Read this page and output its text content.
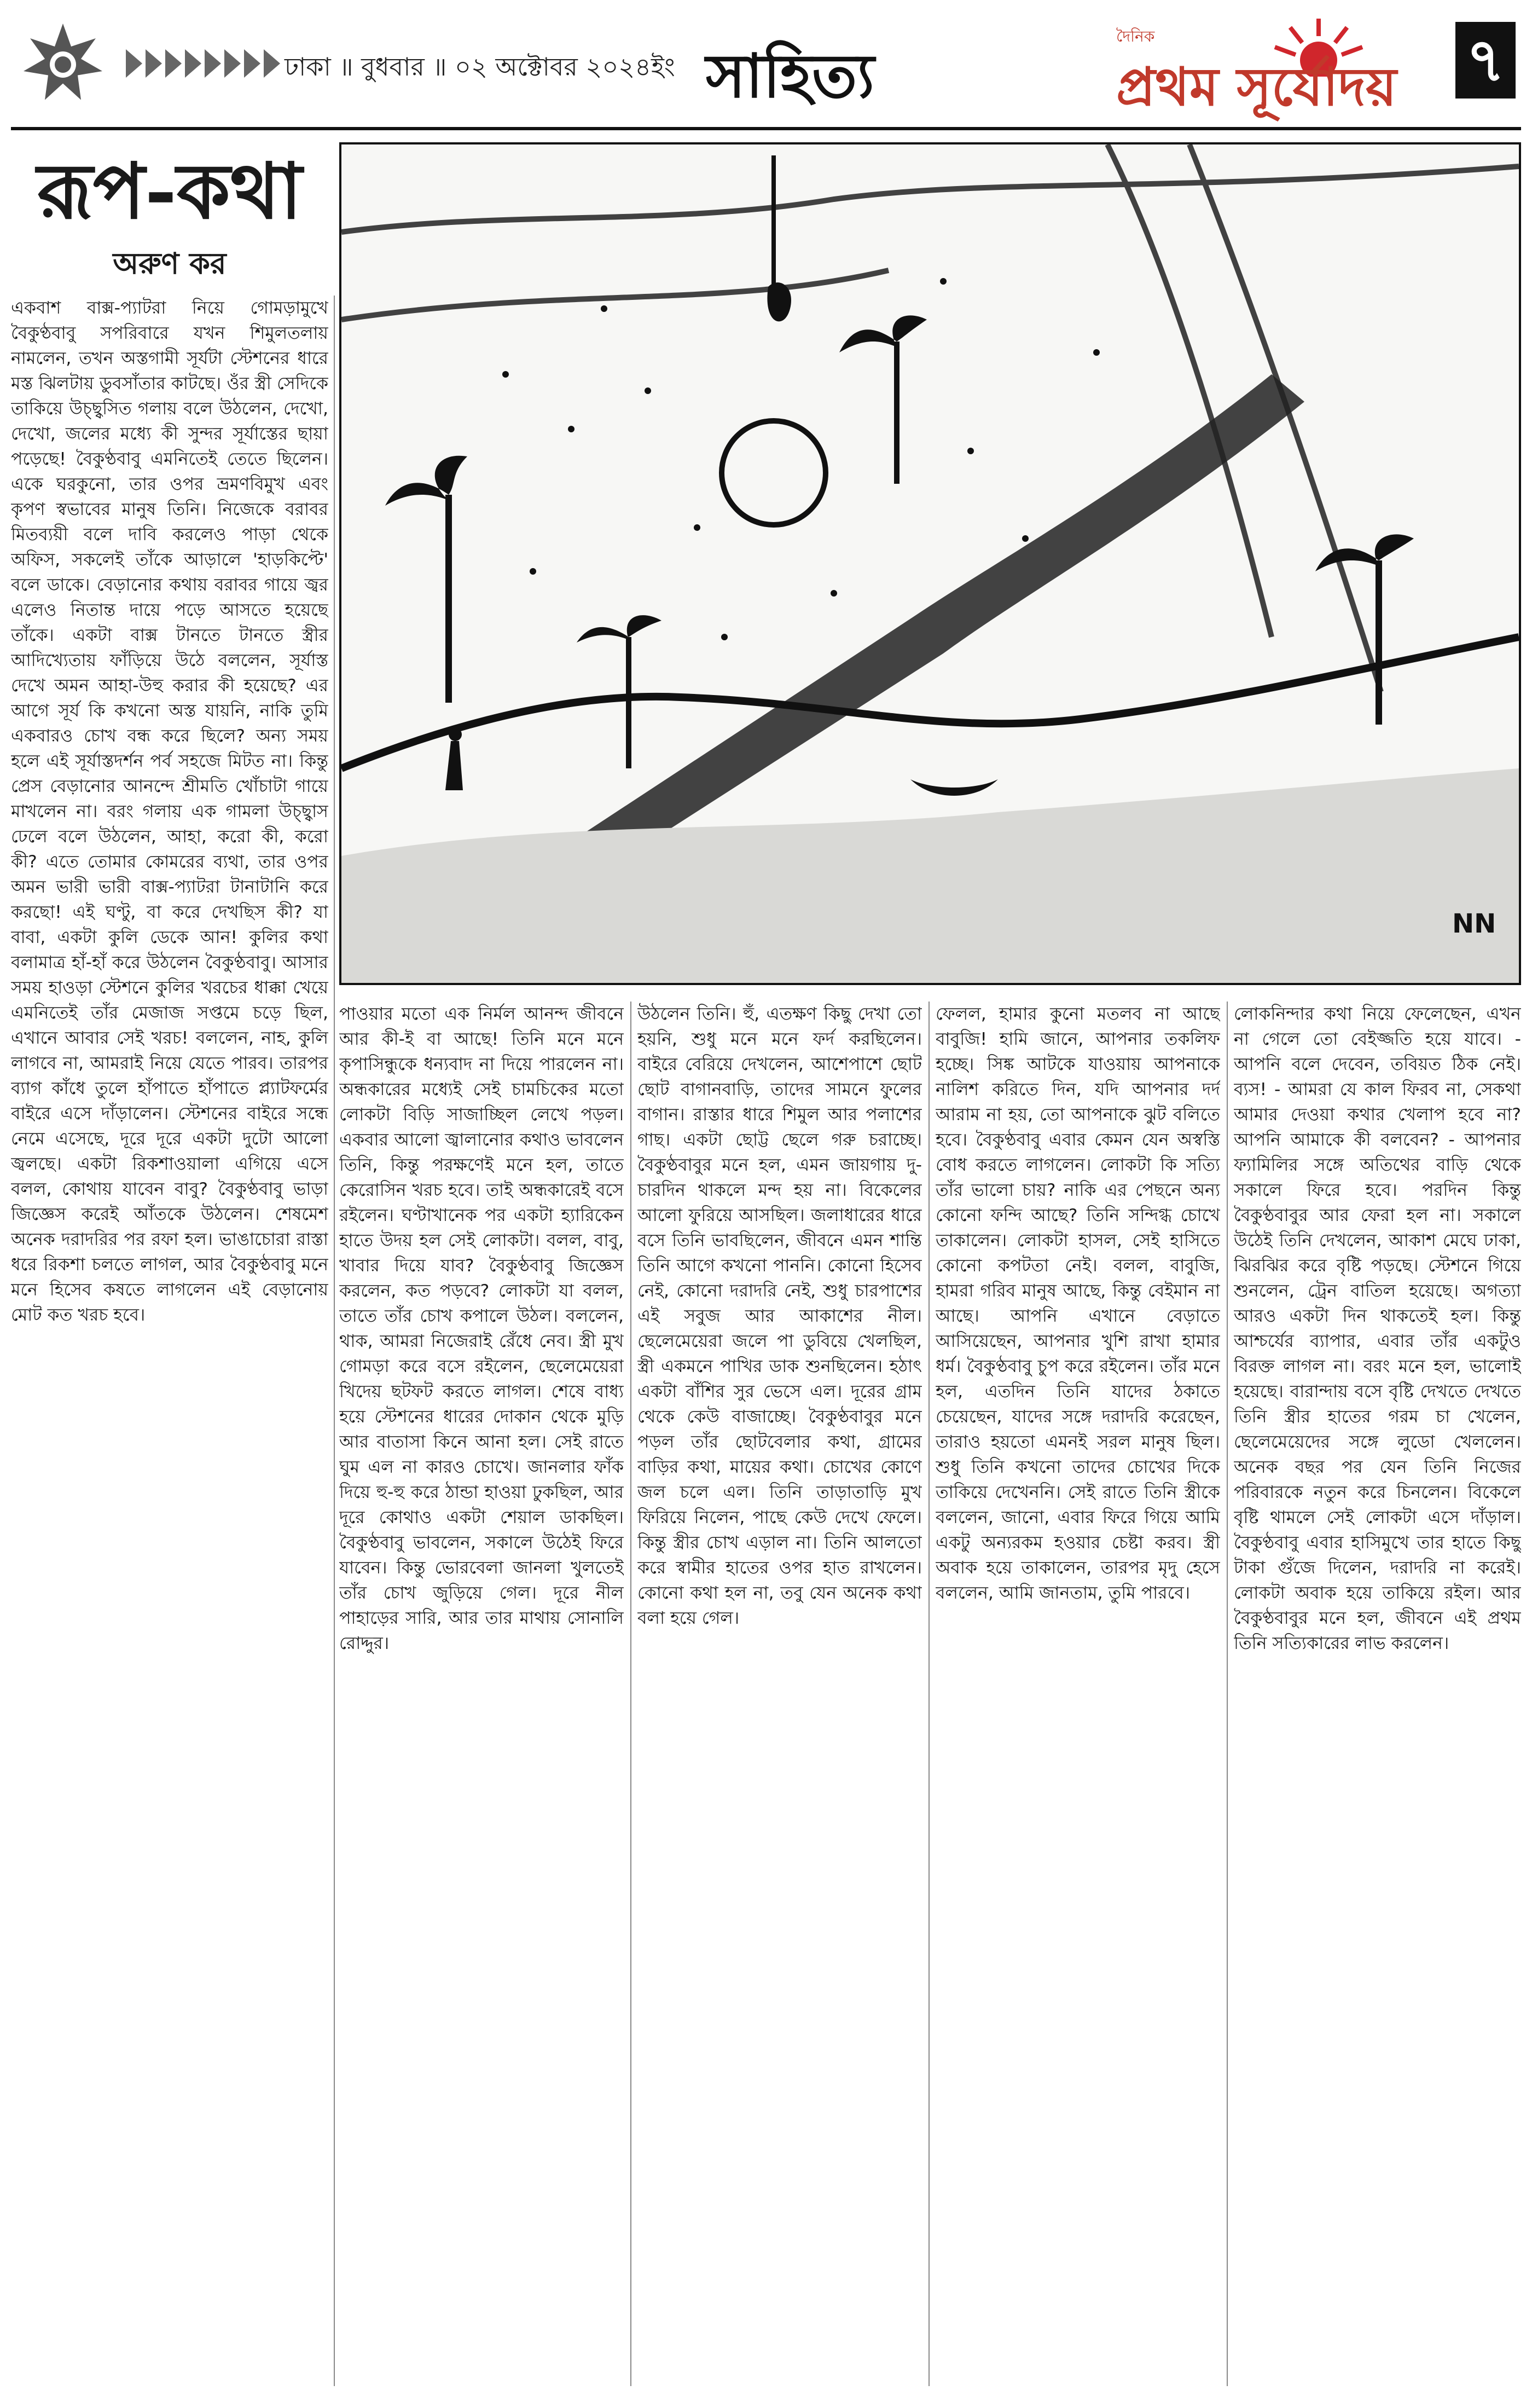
ঢাকা ॥ বুধবার ॥ ০২ অক্টোবর ২০২৪ইং সাহিত্য
দৈনিক
প্রথম সূর্যোদয় ৭
রূপ-কথা
অরুণ কর
NN

একবাশ বাক্স-প্যাটরা নিয়ে গোমড়ামুখে বৈকুণ্ঠবাবু সপরিবারে যখন শিমুলতলায় নামলেন, তখন অস্তগামী সূর্যটা স্টেশনের ধারে মস্ত ঝিলটায় ডুবসাঁতার কাটছে। ওঁর স্ত্রী সেদিকে তাকিয়ে উচ্ছ্বসিত গলায় বলে উঠলেন, দেখো, দেখো, জলের মধ্যে কী সুন্দর সূর্যাস্তের ছায়া পড়েছে! বৈকুণ্ঠবাবু এমনিতেই তেতে ছিলেন। একে ঘরকুনো, তার ওপর ভ্রমণবিমুখ এবং কৃপণ স্বভাবের মানুষ তিনি। নিজেকে বরাবর মিতব্যয়ী বলে দাবি করলেও পাড়া থেকে অফিস, সকলেই তাঁকে আড়ালে 'হাড়কিপ্টে' বলে ডাকে। বেড়ানোর কথায় বরাবর গায়ে জ্বর এলেও নিতান্ত দায়ে পড়ে আসতে হয়েছে তাঁকে। একটা বাক্স টানতে টানতে স্ত্রীর আদিখ্যেতায় ফাঁড়িয়ে উঠে বললেন, সূর্যাস্ত দেখে অমন আহা-উহু করার কী হয়েছে? এর আগে সূর্য কি কখনো অস্ত যায়নি, নাকি তুমি একবারও চোখ বন্ধ করে ছিলে? অন্য সময় হলে এই সূর্যাস্তদর্শন পর্ব সহজে মিটত না। কিন্তু প্রেস বেড়ানোর আনন্দে শ্রীমতি খোঁচাটা গায়ে মাখলেন না। বরং গলায় এক গামলা উচ্ছ্বাস ঢেলে বলে উঠলেন, আহা, করো কী, করো কী? এতে তোমার কোমরের ব্যথা, তার ওপর অমন ভারী ভারী বাক্স-প্যাটরা টানাটানি করে করছো! এই ঘণ্টু, বা করে দেখছিস কী? যা বাবা, একটা কুলি ডেকে আন! কুলির কথা বলামাত্র হাঁ-হাঁ করে উঠলেন বৈকুণ্ঠবাবু। আসার সময় হাওড়া স্টেশনে কুলির খরচের ধাক্কা খেয়ে এমনিতেই তাঁর মেজাজ সপ্তমে চড়ে ছিল, এখানে আবার সেই খরচ! বললেন, নাহ, কুলি লাগবে না, আমরাই নিয়ে যেতে পারব। তারপর ব্যাগ কাঁধে তুলে হাঁপাতে হাঁপাতে প্ল্যাটফর্মের বাইরে এসে দাঁড়ালেন। স্টেশনের বাইরে সন্ধে নেমে এসেছে, দূরে দূরে একটা দুটো আলো জ্বলছে। একটা রিকশাওয়ালা এগিয়ে এসে বলল, কোথায় যাবেন বাবু? বৈকুণ্ঠবাবু ভাড়া জিজ্ঞেস করেই আঁতকে উঠলেন। শেষমেশ অনেক দরাদরির পর রফা হল। ভাঙাচোরা রাস্তা ধরে রিকশা চলতে লাগল, আর বৈকুণ্ঠবাবু মনে মনে হিসেব কষতে লাগলেন এই বেড়ানোয় মোট কত খরচ হবে।

পাওয়ার মতো এক নির্মল আনন্দ জীবনে আর কী-ই বা আছে! তিনি মনে মনে কৃপাসিন্ধুকে ধন্যবাদ না দিয়ে পারলেন না। অন্ধকারের মধ্যেই সেই চামচিকের মতো লোকটা বিড়ি সাজাচ্ছিল লেখে পড়ল। একবার আলো জ্বালানোর কথাও ভাবলেন তিনি, কিন্তু পরক্ষণেই মনে হল, তাতে কেরোসিন খরচ হবে। তাই অন্ধকারেই বসে রইলেন। ঘণ্টাখানেক পর একটা হ্যারিকেন হাতে উদয় হল সেই লোকটা। বলল, বাবু, খাবার দিয়ে যাব? বৈকুণ্ঠবাবু জিজ্ঞেস করলেন, কত পড়বে? লোকটা যা বলল, তাতে তাঁর চোখ কপালে উঠল। বললেন, থাক, আমরা নিজেরাই রেঁধে নেব। স্ত্রী মুখ গোমড়া করে বসে রইলেন, ছেলেমেয়েরা খিদেয় ছটফট করতে লাগল। শেষে বাধ্য হয়ে স্টেশনের ধারের দোকান থেকে মুড়ি আর বাতাসা কিনে আনা হল। সেই রাতে ঘুম এল না কারও চোখে। জানলার ফাঁক দিয়ে হু-হু করে ঠান্ডা হাওয়া ঢুকছিল, আর দূরে কোথাও একটা শেয়াল ডাকছিল। বৈকুণ্ঠবাবু ভাবলেন, সকালে উঠেই ফিরে যাবেন। কিন্তু ভোরবেলা জানলা খুলতেই তাঁর চোখ জুড়িয়ে গেল। দূরে নীল পাহাড়ের সারি, আর তার মাথায় সোনালি রোদ্দুর।

উঠলেন তিনি। হুঁ, এতক্ষণ কিছু দেখা তো হয়নি, শুধু মনে মনে ফর্দ করছিলেন। বাইরে বেরিয়ে দেখলেন, আশেপাশে ছোট ছোট বাগানবাড়ি, তাদের সামনে ফুলের বাগান। রাস্তার ধারে শিমুল আর পলাশের গাছ। একটা ছোট্ট ছেলে গরু চরাচ্ছে। বৈকুণ্ঠবাবুর মনে হল, এমন জায়গায় দু-চারদিন থাকলে মন্দ হয় না। বিকেলের আলো ফুরিয়ে আসছিল। জলাধারের ধারে বসে তিনি ভাবছিলেন, জীবনে এমন শান্তি তিনি আগে কখনো পাননি। কোনো হিসেব নেই, কোনো দরাদরি নেই, শুধু চারপাশের এই সবুজ আর আকাশের নীল। ছেলেমেয়েরা জলে পা ডুবিয়ে খেলছিল, স্ত্রী একমনে পাখির ডাক শুনছিলেন। হঠাৎ একটা বাঁশির সুর ভেসে এল। দূরের গ্রাম থেকে কেউ বাজাচ্ছে। বৈকুণ্ঠবাবুর মনে পড়ল তাঁর ছোটবেলার কথা, গ্রামের বাড়ির কথা, মায়ের কথা। চোখের কোণে জল চলে এল। তিনি তাড়াতাড়ি মুখ ফিরিয়ে নিলেন, পাছে কেউ দেখে ফেলে। কিন্তু স্ত্রীর চোখ এড়াল না। তিনি আলতো করে স্বামীর হাতের ওপর হাত রাখলেন। কোনো কথা হল না, তবু যেন অনেক কথা বলা হয়ে গেল।

ফেলল, হামার কুনো মতলব না আছে বাবুজি! হামি জানে, আপনার তকলিফ হচ্ছে। সিঙ্ক আটকে যাওয়ায় আপনাকে নালিশ করিতে দিন, যদি আপনার দর্দ আরাম না হয়, তো আপনাকে ঝুট বলিতে হবে। বৈকুণ্ঠবাবু এবার কেমন যেন অস্বস্তি বোধ করতে লাগলেন। লোকটা কি সত্যি তাঁর ভালো চায়? নাকি এর পেছনে অন্য কোনো ফন্দি আছে? তিনি সন্দিগ্ধ চোখে তাকালেন। লোকটা হাসল, সেই হাসিতে কোনো কপটতা নেই। বলল, বাবুজি, হামরা গরিব মানুষ আছে, কিন্তু বেইমান না আছে। আপনি এখানে বেড়াতে আসিয়েছেন, আপনার খুশি রাখা হামার ধর্ম। বৈকুণ্ঠবাবু চুপ করে রইলেন। তাঁর মনে হল, এতদিন তিনি যাদের ঠকাতে চেয়েছেন, যাদের সঙ্গে দরাদরি করেছেন, তারাও হয়তো এমনই সরল মানুষ ছিল। শুধু তিনি কখনো তাদের চোখের দিকে তাকিয়ে দেখেননি। সেই রাতে তিনি স্ত্রীকে বললেন, জানো, এবার ফিরে গিয়ে আমি একটু অন্যরকম হওয়ার চেষ্টা করব। স্ত্রী অবাক হয়ে তাকালেন, তারপর মৃদু হেসে বললেন, আমি জানতাম, তুমি পারবে।

লোকনিন্দার কথা নিয়ে ফেলেছেন, এখন না গেলে তো বেইজ্জতি হয়ে যাবে। - আপনি বলে দেবেন, তবিয়ত ঠিক নেই। ব্যস! - আমরা যে কাল ফিরব না, সেকথা আমার দেওয়া কথার খেলাপ হবে না? আপনি আমাকে কী বলবেন? - আপনার ফ্যামিলির সঙ্গে অতিথের বাড়ি থেকে সকালে ফিরে হবে। পরদিন কিন্তু বৈকুণ্ঠবাবুর আর ফেরা হল না। সকালে উঠেই তিনি দেখলেন, আকাশ মেঘে ঢাকা, ঝিরঝির করে বৃষ্টি পড়ছে। স্টেশনে গিয়ে শুনলেন, ট্রেন বাতিল হয়েছে। অগত্যা আরও একটা দিন থাকতেই হল। কিন্তু আশ্চর্যের ব্যাপার, এবার তাঁর একটুও বিরক্ত লাগল না। বরং মনে হল, ভালোই হয়েছে। বারান্দায় বসে বৃষ্টি দেখতে দেখতে তিনি স্ত্রীর হাতের গরম চা খেলেন, ছেলেমেয়েদের সঙ্গে লুডো খেললেন। অনেক বছর পর যেন তিনি নিজের পরিবারকে নতুন করে চিনলেন। বিকেলে বৃষ্টি থামলে সেই লোকটা এসে দাঁড়াল। বৈকুণ্ঠবাবু এবার হাসিমুখে তার হাতে কিছু টাকা গুঁজে দিলেন, দরাদরি না করেই। লোকটা অবাক হয়ে তাকিয়ে রইল। আর বৈকুণ্ঠবাবুর মনে হল, জীবনে এই প্রথম তিনি সত্যিকারের লাভ করলেন।
